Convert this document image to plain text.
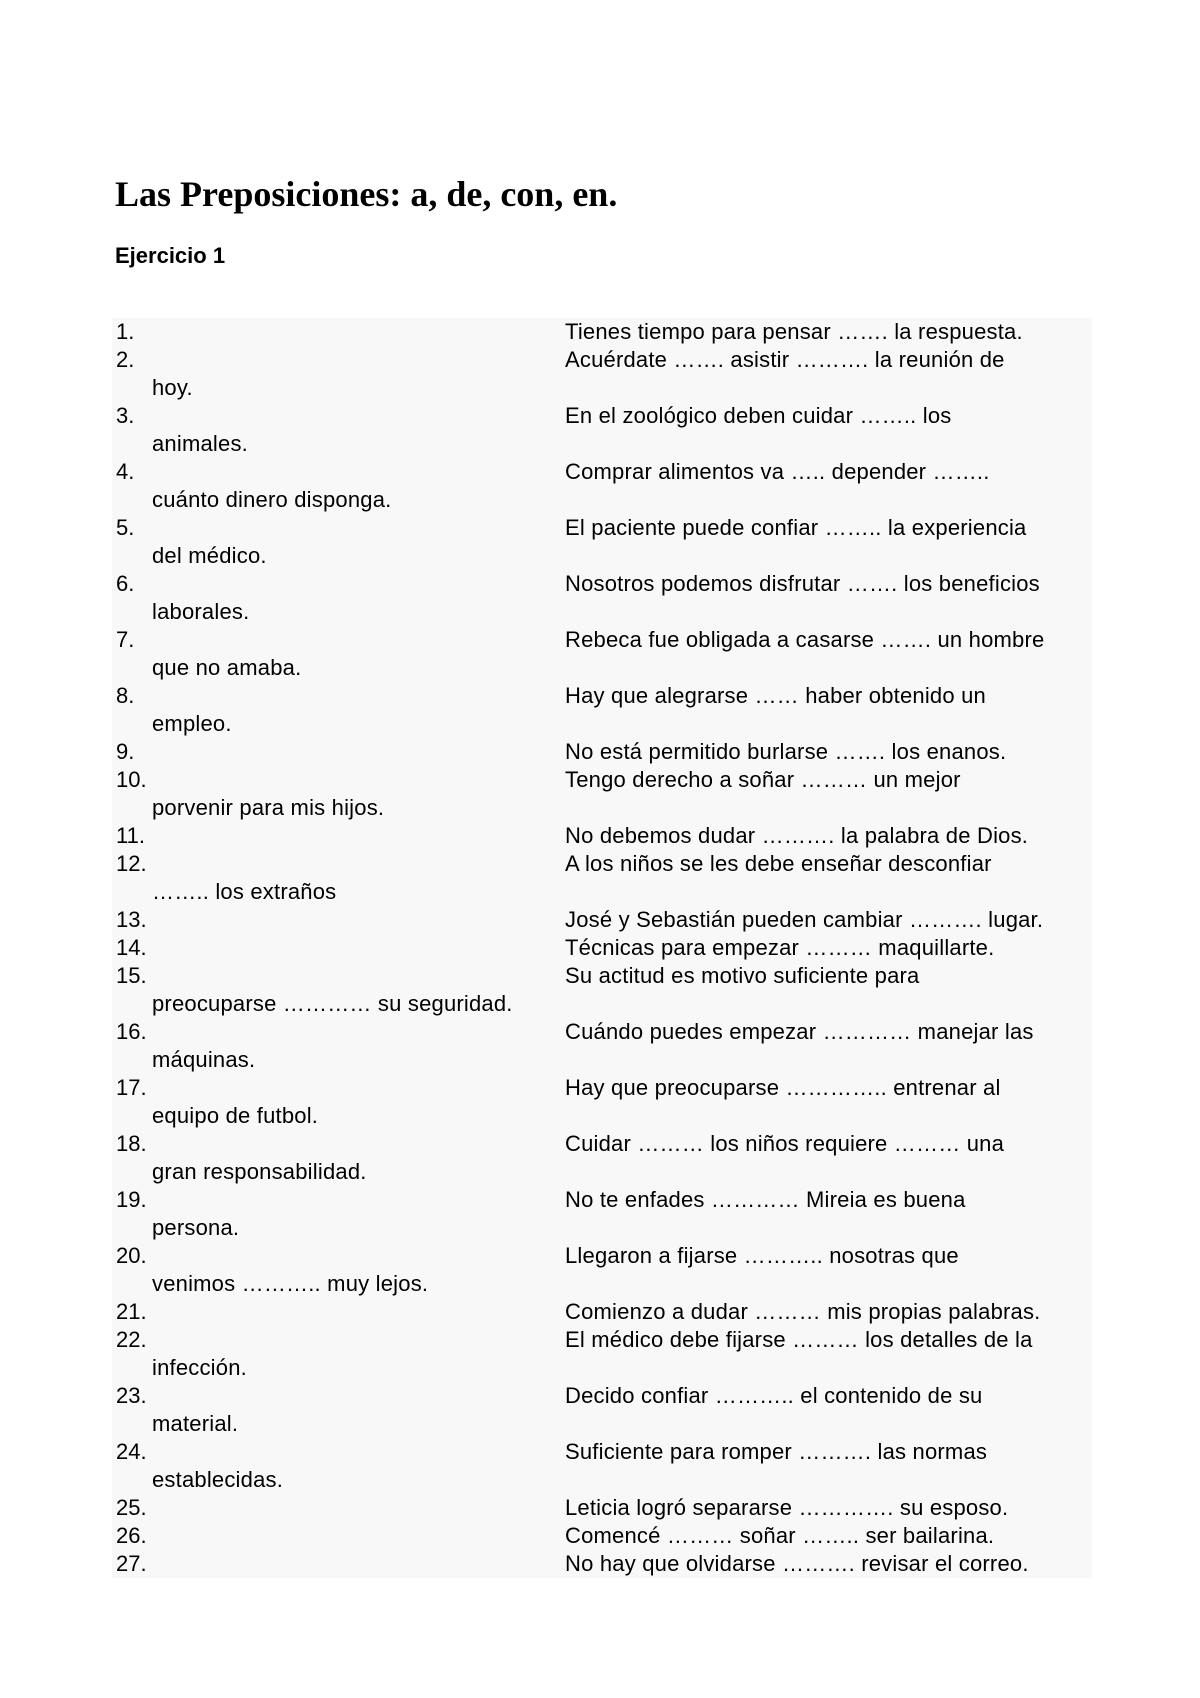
Las Preposiciones: a, de, con, en.
Ejercicio 1
1.	Tienes tiempo para pensar ……. la respuesta.
2.	Acuérdate ……. asistir ………. la reunión de
hoy.
3.	En el zoológico deben cuidar …….. los
animales.
4.	Comprar alimentos va ….. depender ……..
cuánto dinero disponga.
5.	El paciente puede confiar …….. la experiencia
del médico.
6.	Nosotros podemos disfrutar ……. los beneficios
laborales.
7.	Rebeca fue obligada a casarse ……. un hombre
que no amaba.
8.	Hay que alegrarse …… haber obtenido un
empleo.
9.	No está permitido burlarse ……. los enanos.
10.	Tengo derecho a soñar ……… un mejor
porvenir para mis hijos.
11.	No debemos dudar ………. la palabra de Dios.
12.	A los niños se les debe enseñar desconfiar
…….. los extraños
13.	José y Sebastián pueden cambiar ………. lugar.
14.	Técnicas para empezar ……… maquillarte.
15.	Su actitud es motivo suficiente para
preocuparse ………… su seguridad.
16.	Cuándo puedes empezar ………… manejar las
máquinas.
17.	Hay que preocuparse ………….. entrenar al
equipo de futbol.
18.	Cuidar ……… los niños requiere ……… una
gran responsabilidad.
19.	No te enfades ………… Mireia es buena
persona.
20.	Llegaron a fijarse ……….. nosotras que
venimos ……….. muy lejos.
21.	Comienzo a dudar ……… mis propias palabras.
22.	El médico debe fijarse ……… los detalles de la
infección.
23.	Decido confiar ……….. el contenido de su
material.
24.	Suficiente para romper ………. las normas
establecidas.
25.	Leticia logró separarse …………. su esposo.
26.	Comencé ……… soñar …….. ser bailarina.
27.	No hay que olvidarse ………. revisar el correo.
